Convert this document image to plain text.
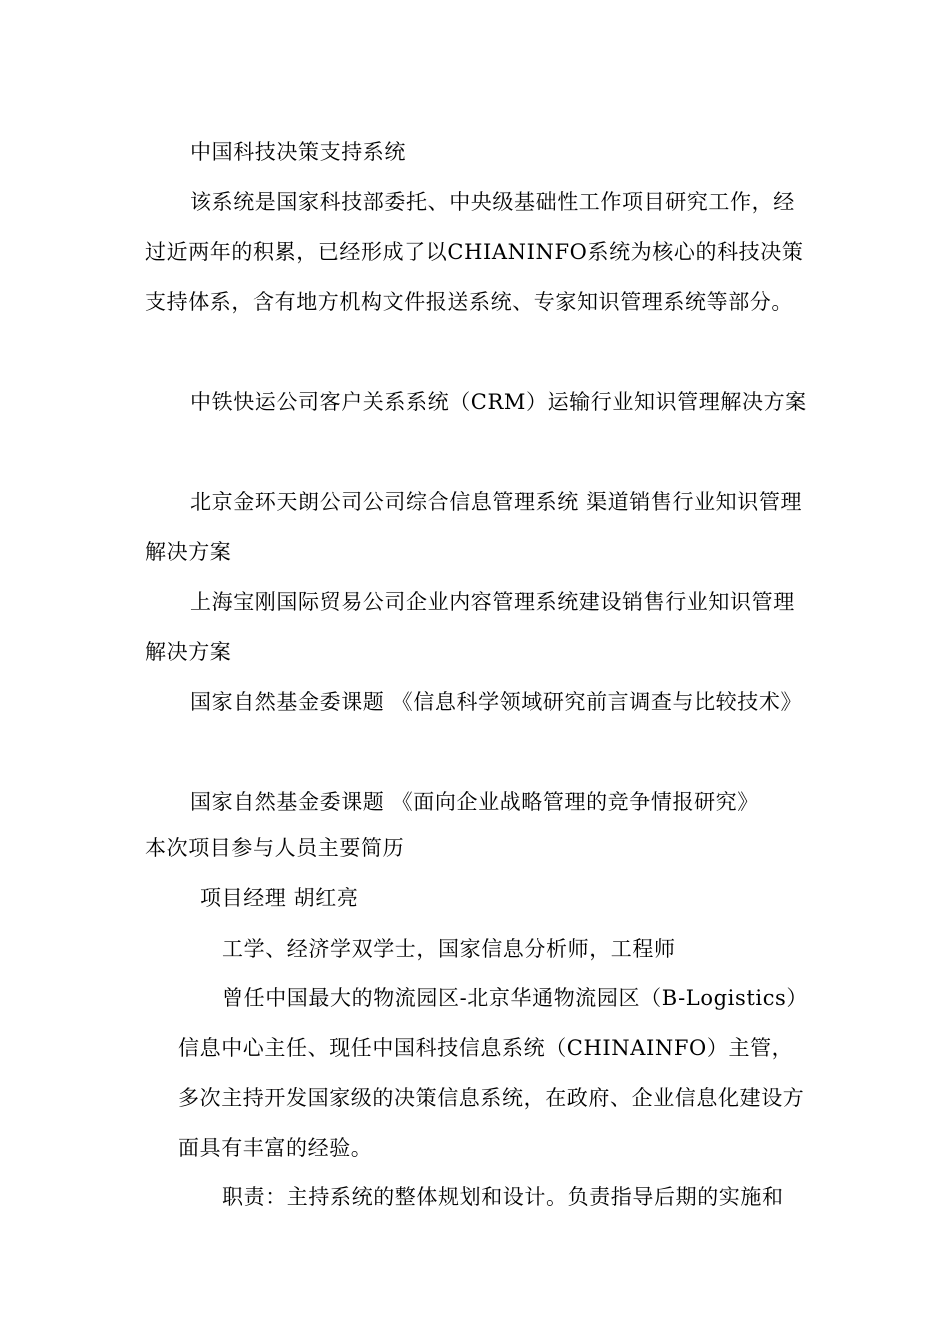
中国科技决策支持系统

该系统是国家科技部委托、中央级基础性工作项目研究工作，经过近两年的积累，已经形成了以CHIANINFO系统为核心的科技决策支持体系，含有地方机构文件报送系统、专家知识管理系统等部分。

中铁快运公司客户关系系统（CRM）运输行业知识管理解决方案

北京金环天朗公司公司综合信息管理系统 渠道销售行业知识管理解决方案

上海宝刚国际贸易公司企业内容管理系统建设销售行业知识管理解决方案

国家自然基金委课题 《信息科学领域研究前言调查与比较技术》

国家自然基金委课题 《面向企业战略管理的竞争情报研究》

本次项目参与人员主要简历

项目经理 胡红亮

工学、经济学双学士，国家信息分析师，工程师

曾任中国最大的物流园区-北京华通物流园区（B-Logistics）信息中心主任、现任中国科技信息系统（CHINAINFO）主管，多次主持开发国家级的决策信息系统，在政府、企业信息化建设方面具有丰富的经验。

职责：主持系统的整体规划和设计。负责指导后期的实施和
